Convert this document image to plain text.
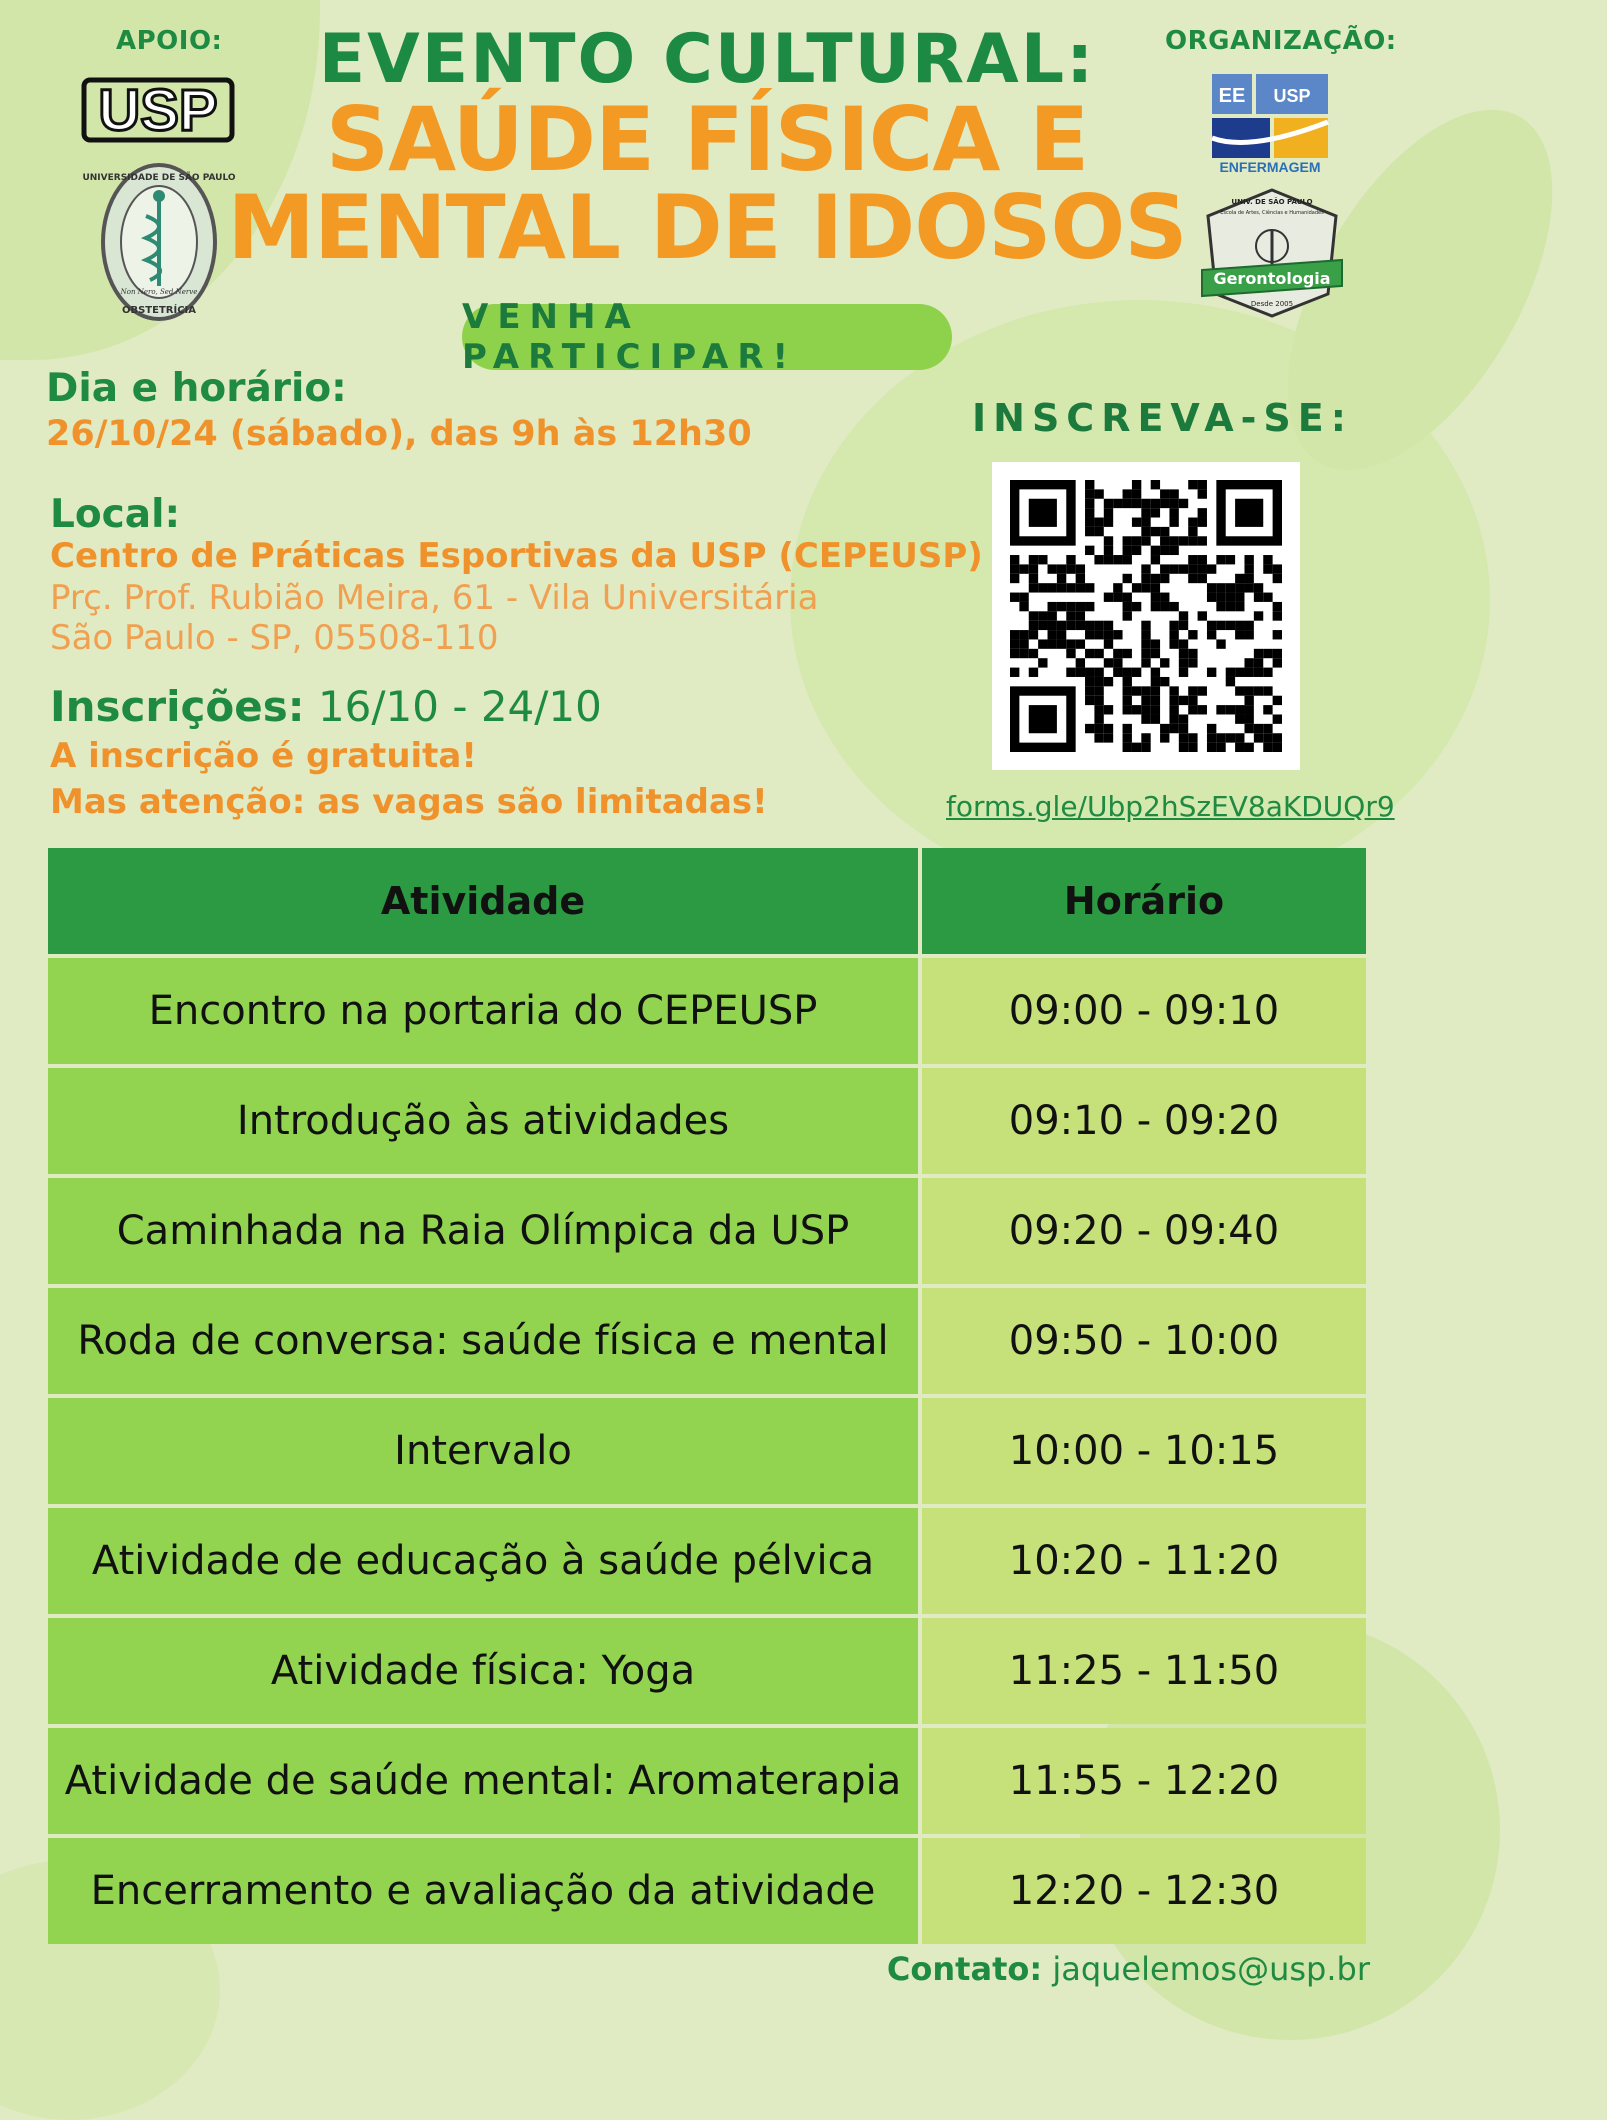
APOIO:	ORGANIZAÇÃO:
USP
UNIVERSIDADE DE SÃO PAULO
Non Nero, Sed Nerve
OBSTETRÍCIA
EE USP
ENFERMAGEM
UNIV. DE SÃO PAULO
Escola de Artes, Ciências e Humanidades
Gerontologia
Desde 2005
EVENTO CULTURAL:
SAÚDE FÍSICA E
MENTAL DE IDOSOS
VENHA PARTICIPAR!
Dia e horário:
26/10/24 (sábado), das 9h às 12h30
Local:
Centro de Práticas Esportivas da USP (CEPEUSP)
Prç. Prof. Rubião Meira, 61 - Vila Universitária
São Paulo - SP, 05508-110
Inscrições: 16/10 - 24/10
A inscrição é gratuita!
Mas atenção: as vagas são limitadas!
INSCREVA-SE:
forms.gle/Ubp2hSzEV8aKDUQr9
Atividade	Horário
Encontro na portaria do CEPEUSP	09:00 - 09:10
Introdução às atividades	09:10 - 09:20
Caminhada na Raia Olímpica da USP	09:20 - 09:40
Roda de conversa: saúde física e mental	09:50 - 10:00
Intervalo	10:00 - 10:15
Atividade de educação à saúde pélvica	10:20 - 11:20
Atividade física: Yoga	11:25 - 11:50
Atividade de saúde mental: Aromaterapia	11:55 - 12:20
Encerramento e avaliação da atividade	12:20 - 12:30
Contato: jaquelemos@usp.br
